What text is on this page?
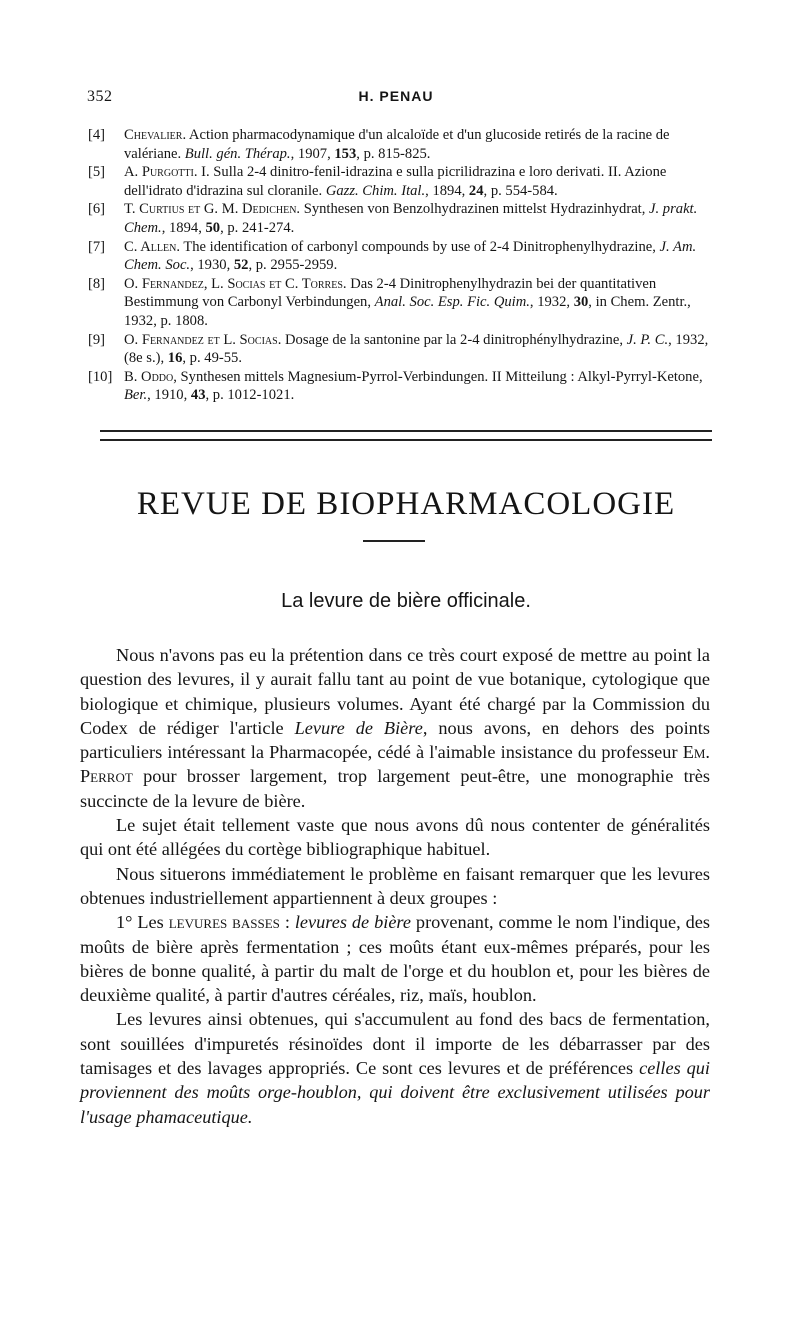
352	H. PENAU
[4] Chevalier. Action pharmacodynamique d'un alcaloïde et d'un glucoside retirés de la racine de valériane. Bull. gén. Thérap., 1907, 153, p. 815-825.
[5] A. Purgotti. I. Sulla 2-4 dinitro-fenil-idrazina e sulla picrilidrazina e loro derivati. II. Azione dell'idrato d'idrazina sul cloranile. Gazz. Chim. Ital., 1894, 24, p. 554-584.
[6] T. Curtius et G. M. Dedichen. Synthesen von Benzolhydrazinen mittelst Hydrazinhydrat, J. prakt. Chem., 1894, 50, p. 241-274.
[7] C. Allen. The identification of carbonyl compounds by use of 2-4 Dinitrophenylhydrazine, J. Am. Chem. Soc., 1930, 52, p. 2955-2959.
[8] O. Fernandez, L. Socias et C. Torres. Das 2-4 Dinitrophenylhydrazin bei der quantitativen Bestimmung von Carbonyl Verbindungen, Anal. Soc. Esp. Fic. Quim., 1932, 30, in Chem. Zentr., 1932, p. 1808.
[9] O. Fernandez et L. Socias. Dosage de la santonine par la 2-4 dinitrophénylhydrazine, J. P. C., 1932, (8e s.), 16, p. 49-55.
[10] B. Oddo, Synthesen mittels Magnesium-Pyrrol-Verbindungen. II Mitteilung : Alkyl-Pyrryl-Ketone, Ber., 1910, 43, p. 1012-1021.
REVUE DE BIOPHARMACOLOGIE
La levure de bière officinale.

Nous n'avons pas eu la prétention dans ce très court exposé de mettre au point la question des levures, il y aurait fallu tant au point de vue botanique, cytologique que biologique et chimique, plusieurs volumes. Ayant été chargé par la Commission du Codex de rédiger l'article Levure de Bière, nous avons, en dehors des points particuliers intéressant la Pharmacopée, cédé à l'aimable insistance du professeur Em. Perrot pour brosser largement, trop largement peut-être, une monographie très succincte de la levure de bière.

Le sujet était tellement vaste que nous avons dû nous contenter de généralités qui ont été allégées du cortège bibliographique habituel.

Nous situerons immédiatement le problème en faisant remarquer que les levures obtenues industriellement appartiennent à deux groupes :

1° Les levures basses : levures de bière provenant, comme le nom l'indique, des moûts de bière après fermentation ; ces moûts étant eux-mêmes préparés, pour les bières de bonne qualité, à partir du malt de l'orge et du houblon et, pour les bières de deuxième qualité, à partir d'autres céréales, riz, maïs, houblon.

Les levures ainsi obtenues, qui s'accumulent au fond des bacs de fermentation, sont souillées d'impuretés résinoïdes dont il importe de les débarrasser par des tamisages et des lavages appropriés. Ce sont ces levures et de préférences celles qui proviennent des moûts orge-houblon, qui doivent être exclusivement utilisées pour l'usage phamaceutique.
